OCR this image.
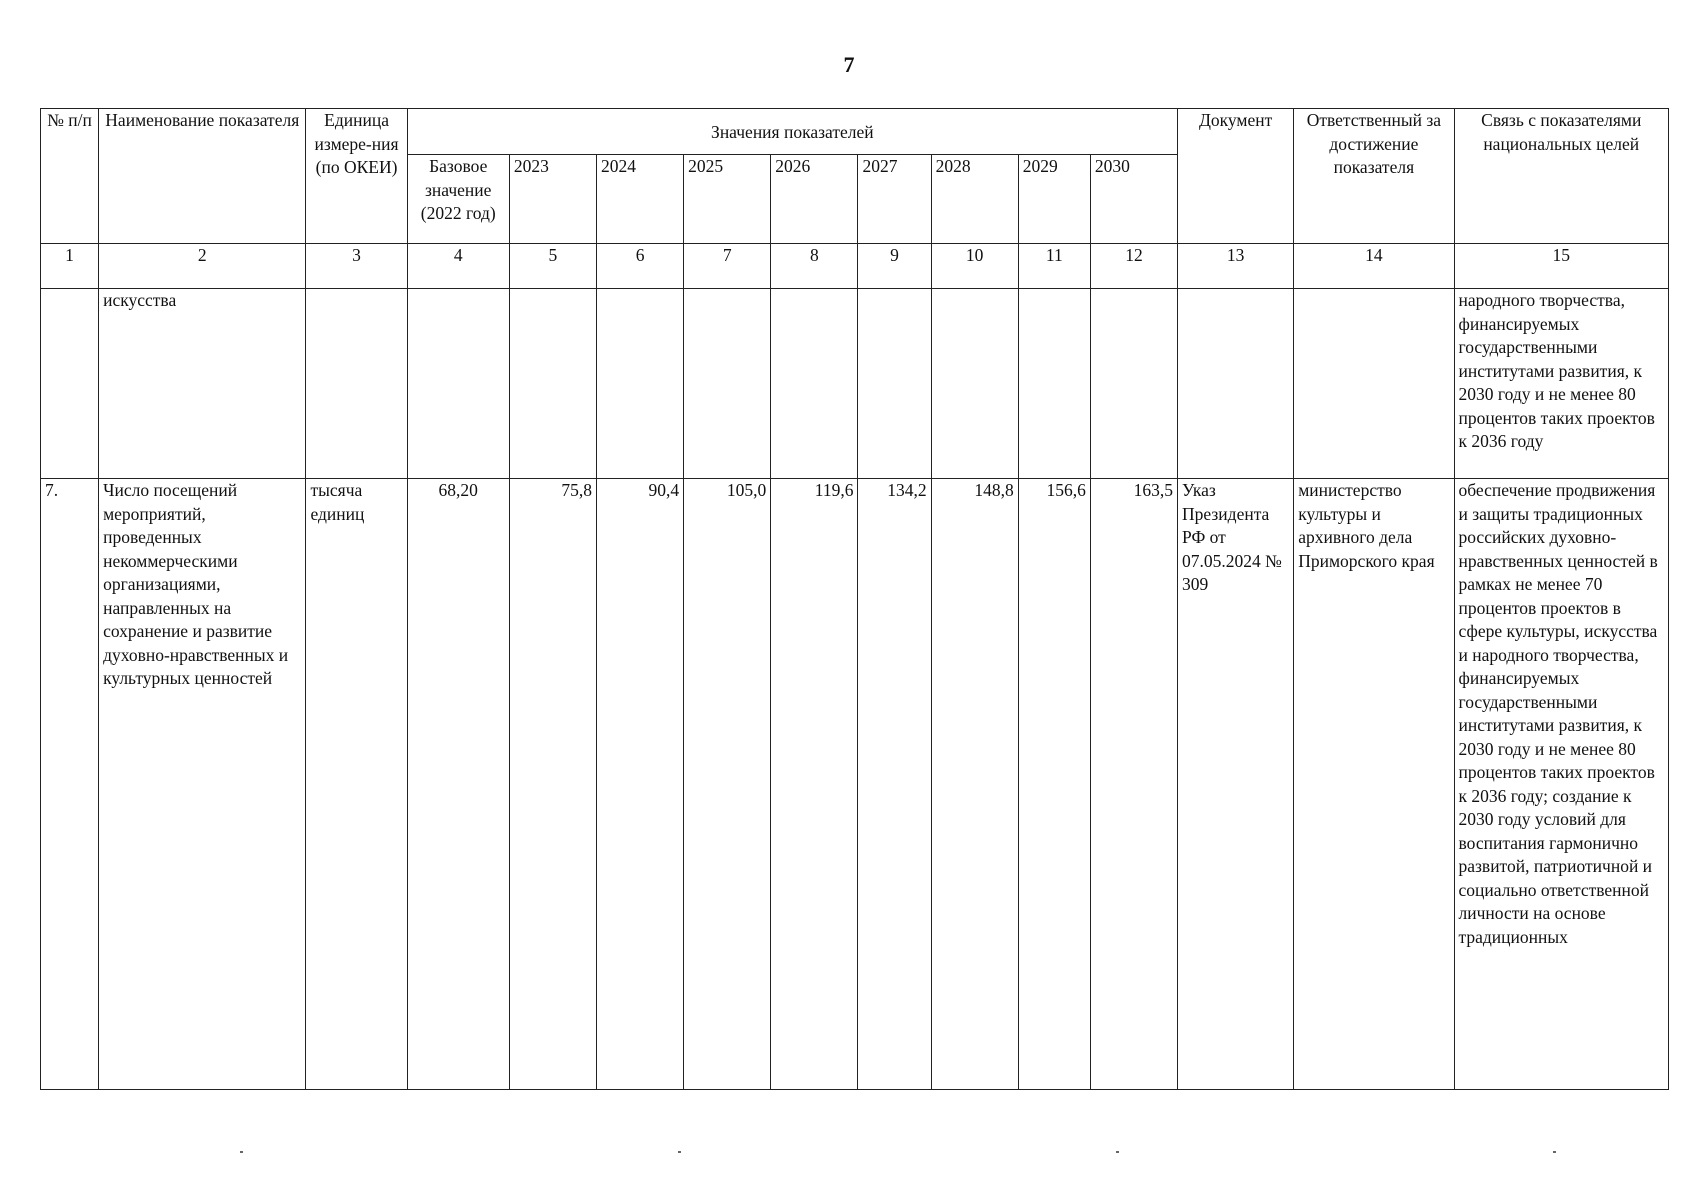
7
№ п/п	Наименование показателя	Единица измере-ния (по ОКЕИ)	Значения показателей									Документ	Ответственный за достижение показателя	Связь с показателями национальных целей
			Базовое значение (2022 год)	2023	2024	2025	2026	2027	2028	2029	2030			
1	2	3	4	5	6	7	8	9	10	11	12	13	14	15
	искусства													народного творчества, финансируемых государственными институтами развития, к 2030 году и не менее 80 процентов таких проектов к 2036 году
7.	Число посещений мероприятий, проведенных некоммерческими организациями, направленных на сохранение и развитие духовно-нравственных и культурных ценностей	тысяча единиц	68,20	75,8	90,4	105,0	119,6	134,2	148,8	156,6	163,5	Указ Президента РФ от 07.05.2024 № 309	министерство культуры и архивного дела Приморского края	обеспечение продвижения и защиты традиционных российских духовно-нравственных ценностей в рамках не менее 70 процентов проектов в сфере культуры, искусства и народного творчества, финансируемых государственными институтами развития, к 2030 году и не менее 80 процентов таких проектов к 2036 году; создание к 2030 году условий для воспитания гармонично развитой, патриотичной и социально ответственной личности на основе традиционных
